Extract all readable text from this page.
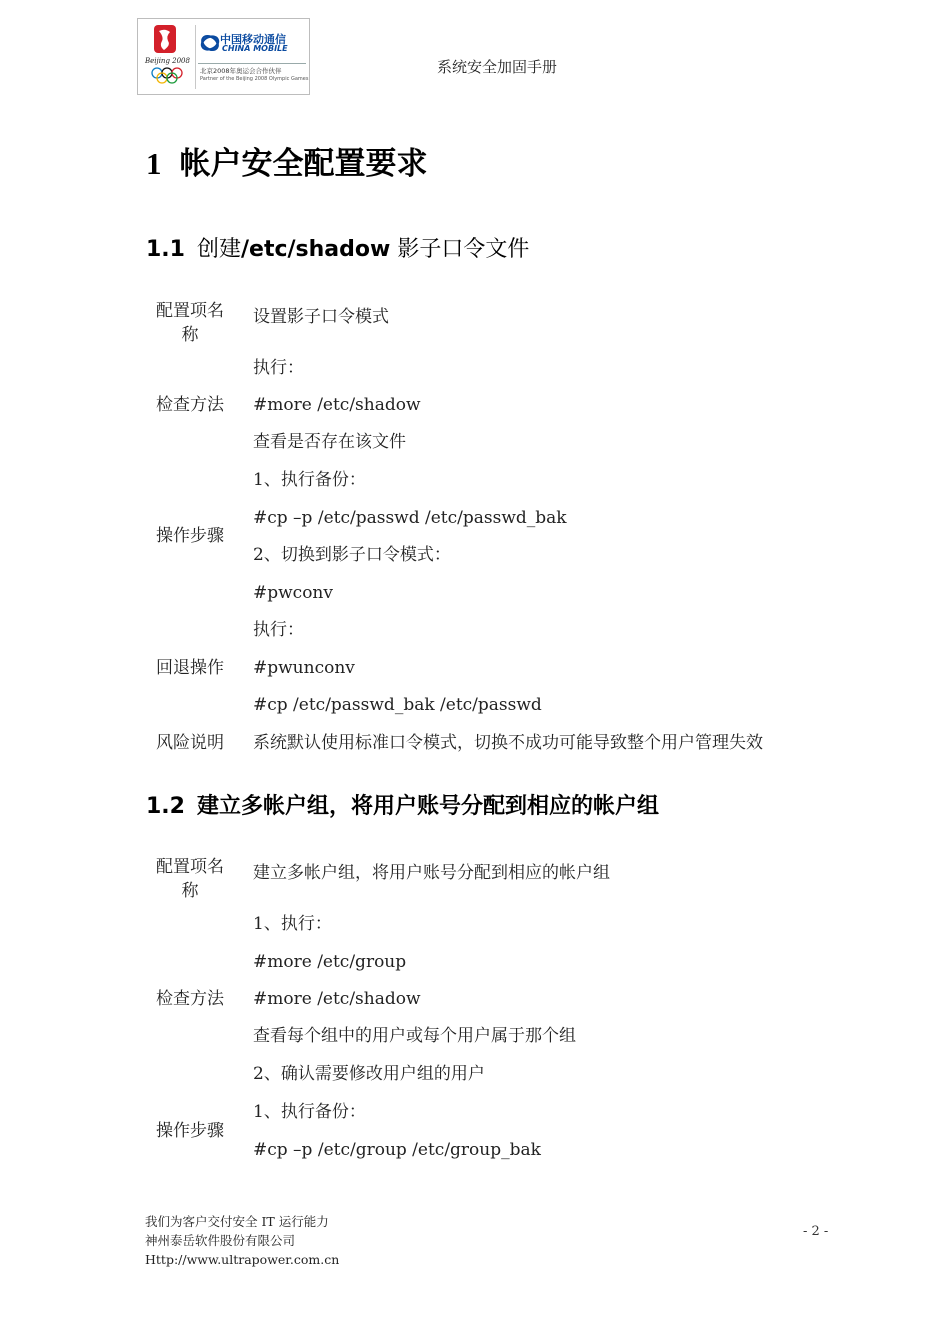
Beijing 2008
中国移动通信
CHINA MOBILE
北京2008年奥运会合作伙伴
Partner of the Beijing 2008 Olympic Games
系统安全加固手册
1 帐户安全配置要求
1.1 创建/etc/shadow 影子口令文件
配置项名称
设置影子口令模式
检查方法
执行：
#more /etc/shadow
查看是否存在该文件
操作步骤
1、执行备份：
#cp –p /etc/passwd /etc/passwd_bak
2、切换到影子口令模式：
#pwconv
回退操作
执行：
#pwunconv
#cp /etc/passwd_bak /etc/passwd
风险说明	系统默认使用标准口令模式，切换不成功可能导致整个用户管理失效
1.2 建立多帐户组，将用户账号分配到相应的帐户组
配置项名称
建立多帐户组，将用户账号分配到相应的帐户组
检查方法
1、执行：
#more /etc/group
#more /etc/shadow
查看每个组中的用户或每个用户属于那个组
2、确认需要修改用户组的用户
操作步骤
1、执行备份：
#cp –p /etc/group /etc/group_bak
我们为客户交付安全 IT 运行能力
神州泰岳软件股份有限公司
Http://www.ultrapower.com.cn
- 2 -
